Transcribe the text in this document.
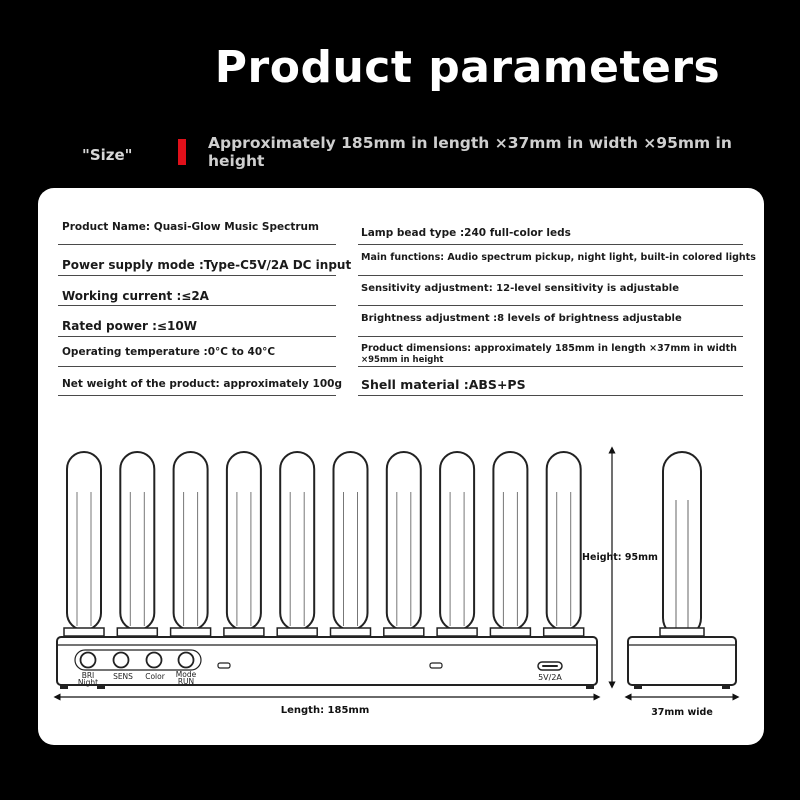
Product parameters
"Size"
Approximately 185mm in length ×37mm in width ×95mm in height
Product Name: Quasi-Glow Music Spectrum
Power supply mode :Type-C5V/2A DC input
Working current :≤2A
Rated power :≤10W
Operating temperature :0°C to 40°C
Net weight of the product: approximately 100g
Lamp bead type :240 full-color leds
Main functions: Audio spectrum pickup, night light, built-in colored lights
Sensitivity adjustment: 12-level sensitivity is adjustable
Brightness adjustment :8 levels of brightness adjustable
Product dimensions: approximately 185mm in length ×37mm in width
×95mm in height
Shell material :ABS+PS
BRI
Night
SENS Color Mode
RUN	5V/2A
Length: 185mm
Height: 95mm
37mm wide
